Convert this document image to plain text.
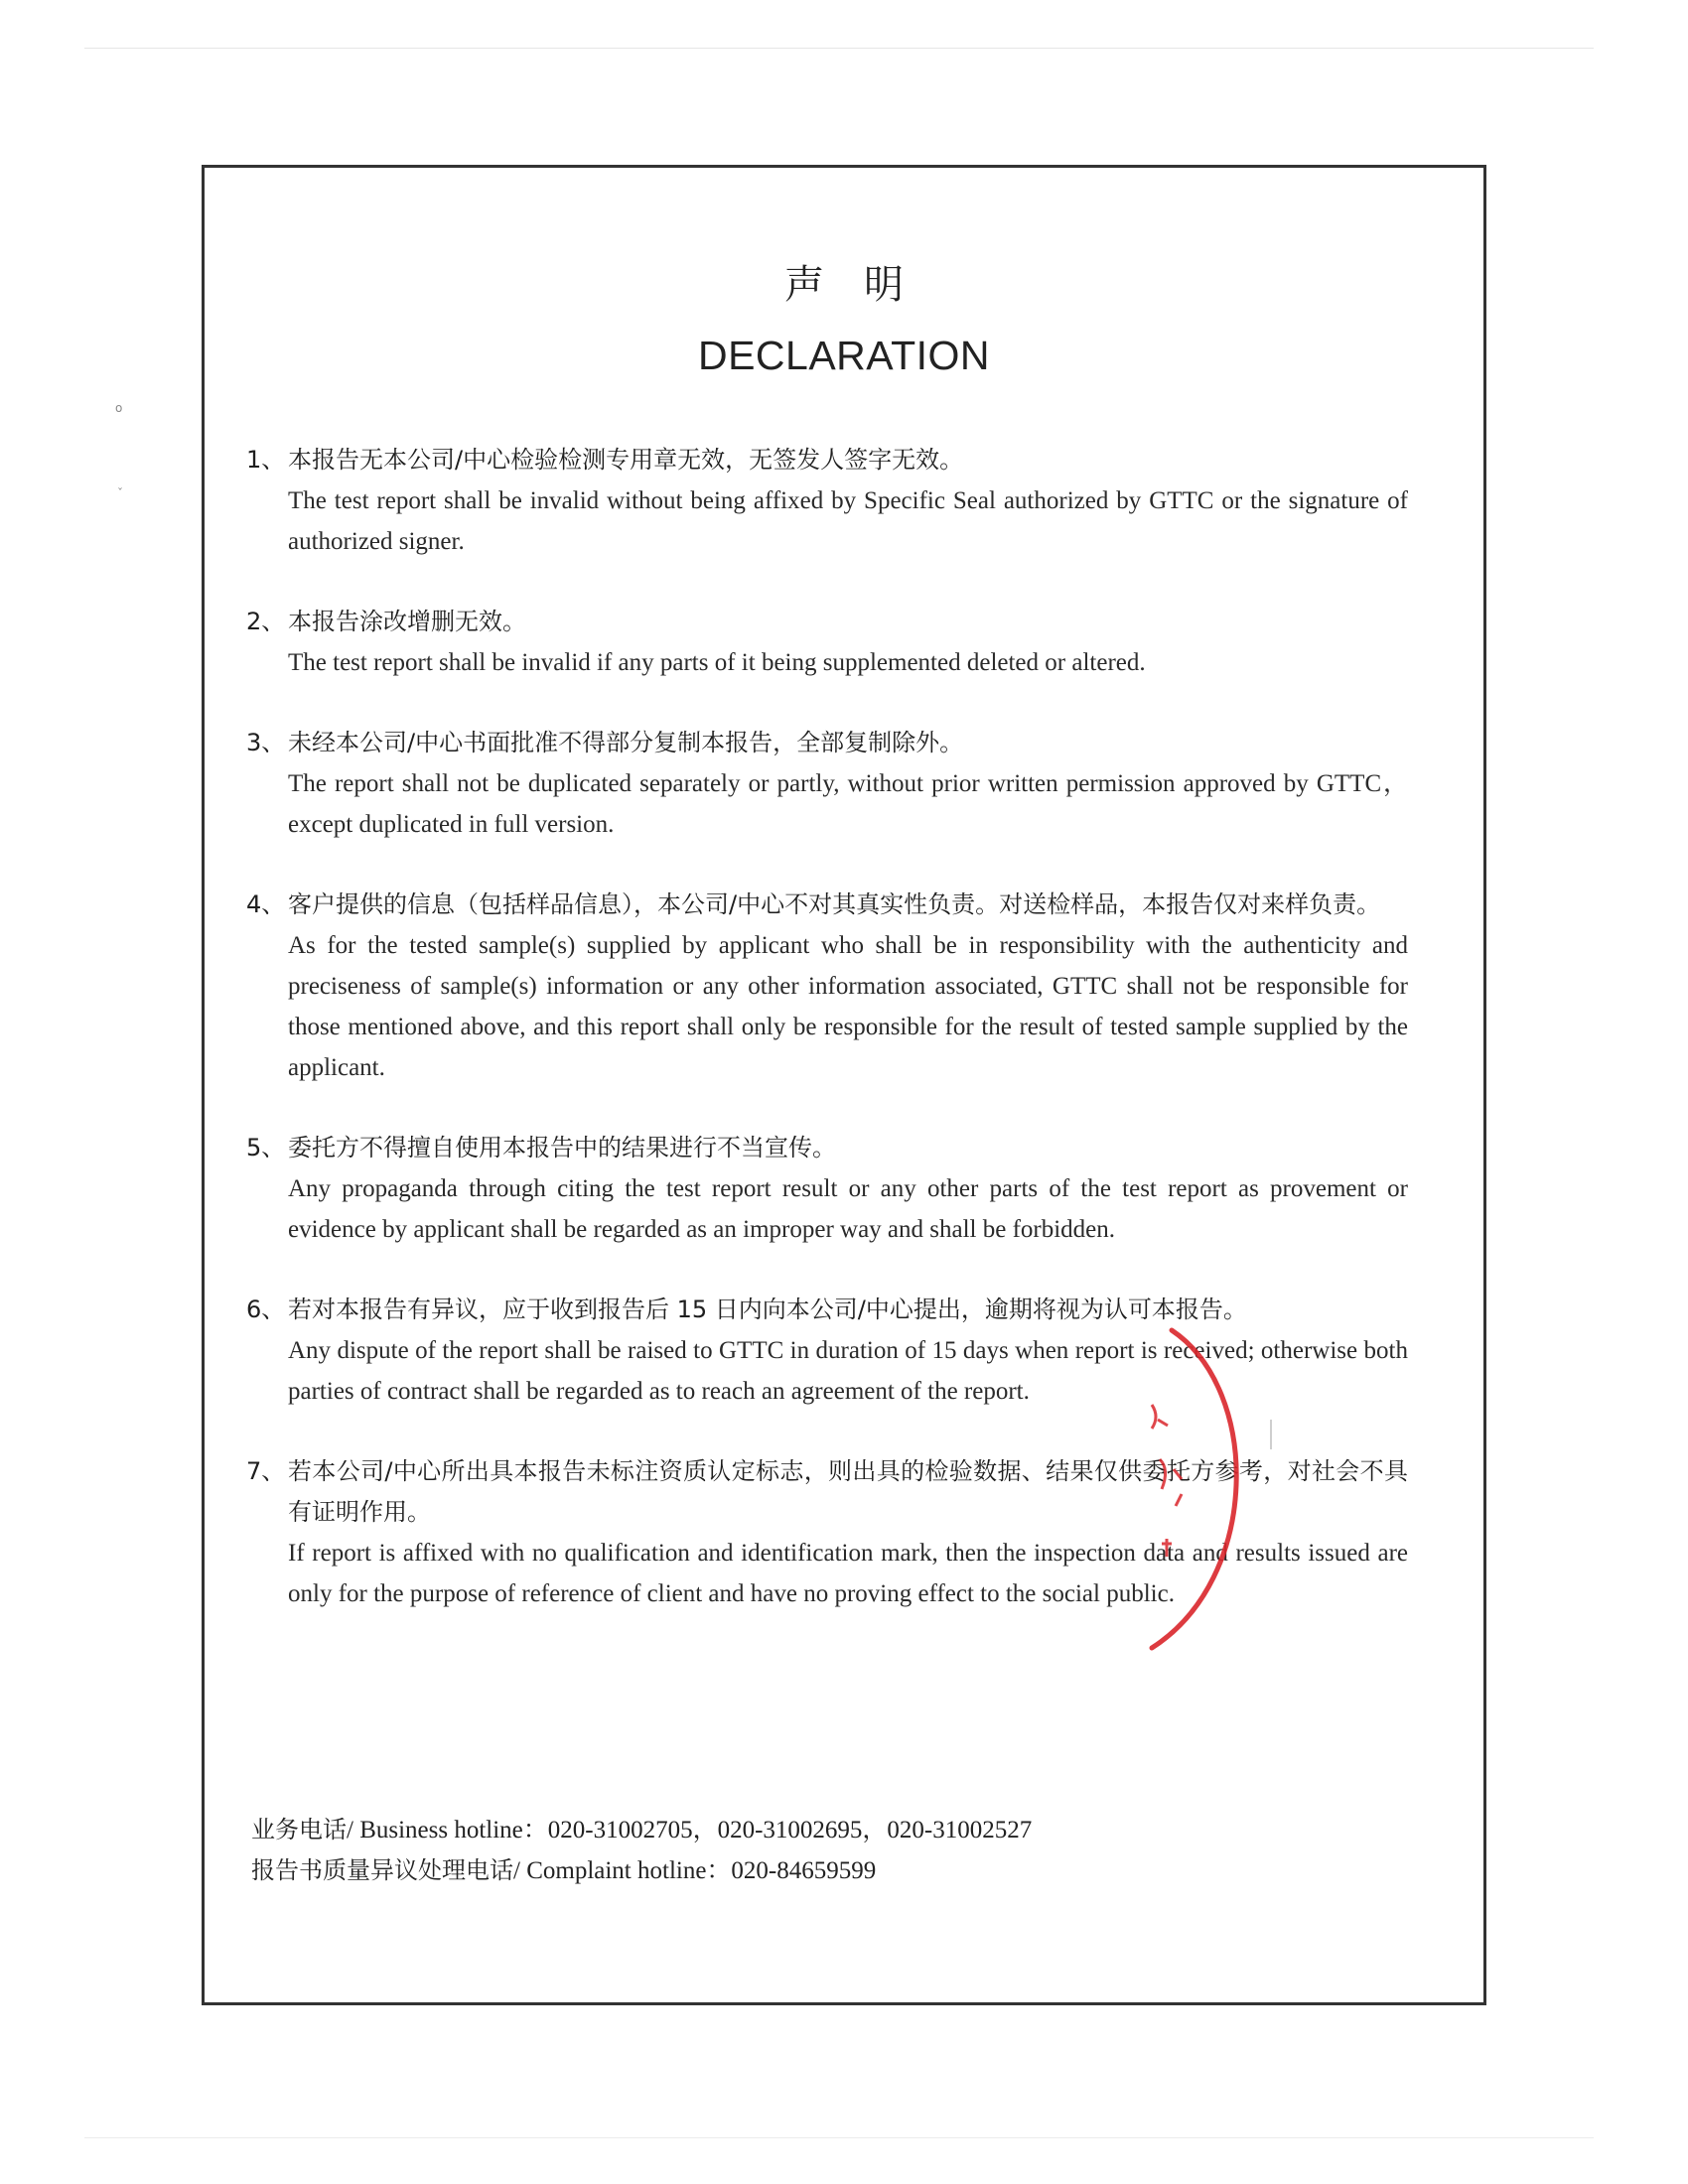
o
ˇ
声明
DECLARATION
1、 本报告无本公司/中心检验检测专用章无效，无签发人签字无效。
The test report shall be invalid without being affixed by Specific Seal authorized by GTTC or the signature of authorized signer.
2、 本报告涂改增删无效。
The test report shall be invalid if any parts of it being supplemented deleted or altered.
3、 未经本公司/中心书面批准不得部分复制本报告，全部复制除外。
The report shall not be duplicated separately or partly, without prior written permission approved by GTTC， except duplicated in full version.
4、 客户提供的信息（包括样品信息），本公司/中心不对其真实性负责。对送检样品，本报告仅对来样负责。
As for the tested sample(s) supplied by applicant who shall be in responsibility with the authenticity and preciseness of sample(s) information or any other information associated, GTTC shall not be responsible for those mentioned above, and this report shall only be responsible for the result of tested sample supplied by the applicant.
5、 委托方不得擅自使用本报告中的结果进行不当宣传。
Any propaganda through citing the test report result or any other parts of the test report as provement or evidence by applicant shall be regarded as an improper way and shall be forbidden.
6、 若对本报告有异议，应于收到报告后 15 日内向本公司/中心提出，逾期将视为认可本报告。
Any dispute of the report shall be raised to GTTC in duration of 15 days when report is received; otherwise both parties of contract shall be regarded as to reach an agreement of the report.
7、 若本公司/中心所出具本报告未标注资质认定标志，则出具的检验数据、结果仅供委托方参考，对社会不具有证明作用。
If report is affixed with no qualification and identification mark, then the inspection data and results issued are only for the purpose of reference of client and have no proving effect to the social public.
业务电话/ Business hotline：020-31002705，020-31002695，020-31002527
报告书质量异议处理电话/ Complaint hotline：020-84659599
